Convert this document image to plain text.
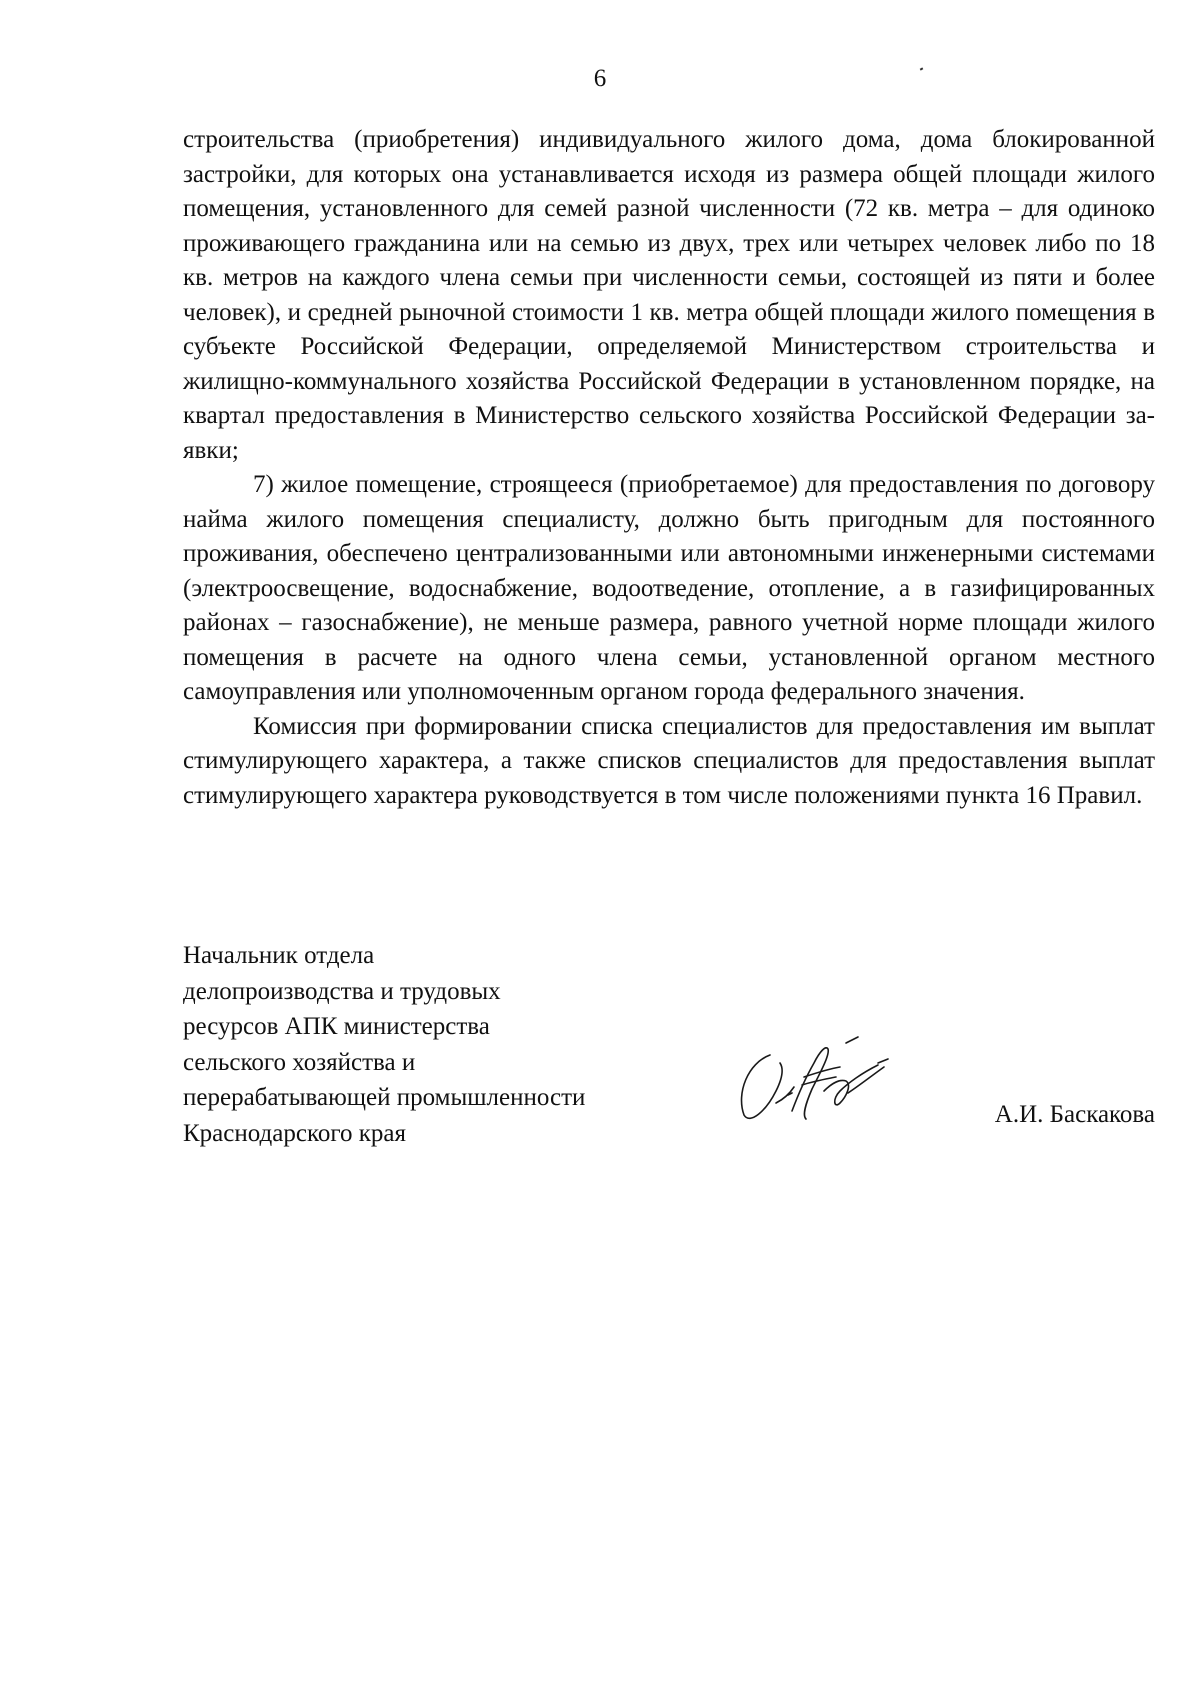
6

строительства (приобретения) индивидуального жилого дома, дома блокированной застройки, для которых она устанавливается исходя из размера общей площади жилого помещения, установленного для семей разной численности (72 кв. метра – для одиноко проживающего гражданина или на семью из двух, трех или четырех человек либо по 18 кв. метров на каждого члена семьи при численности семьи, состоящей из пяти и более человек), и средней рыночной стоимости 1 кв. метра общей площади жилого помещения в субъекте Российской Федерации, определяемой Министерством строительства и жилищно-коммунального хозяйства Российской Федерации в установленном порядке, на квартал предоставления в Министерство сельского хозяйства Российской Федерации заявки;

7) жилое помещение, строящееся (приобретаемое) для предоставления по договору найма жилого помещения специалисту, должно быть пригодным для постоянного проживания, обеспечено централизованными или автономными инженерными системами (электроосвещение, водоснабжение, водоотведение, отопление, а в газифицированных районах – газоснабжение), не меньше размера, равного учетной норме площади жилого помещения в расчете на одного члена семьи, установленной органом местного самоуправления или уполномоченным органом города федерального значения.

Комиссия при формировании списка специалистов для предоставления им выплат стимулирующего характера, а также списков специалистов для предоставления выплат стимулирующего характера руководствуется в том числе положениями пункта 16 Правил.

Начальник отдела
делопроизводства и трудовых
ресурсов АПК министерства
сельского хозяйства и
перерабатывающей промышленности
Краснодарского края
А.И. Баскакова
